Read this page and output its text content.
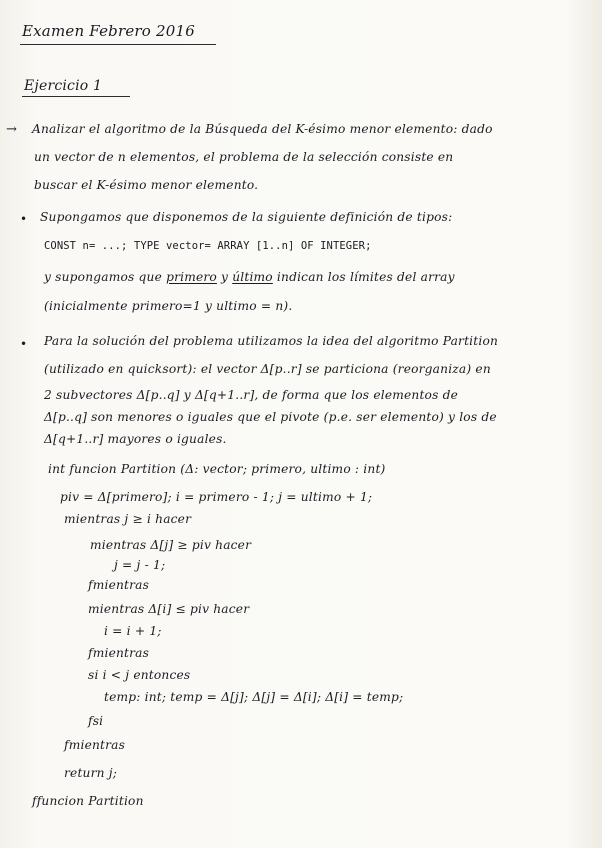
Examen Febrero 2016
Ejercicio 1
→ Analizar el algoritmo de la Búsqueda del K-ésimo menor elemento: dado
un vector de n elementos, el problema de la selección consiste en
buscar el K-ésimo menor elemento.
• Supongamos que disponemos de la siguiente definición de tipos:
CONST n= ...; TYPE vector= ARRAY [1..n] OF INTEGER;
y supongamos que primero y último indican los límites del array
(inicialmente primero=1 y ultimo = n).
• Para la solución del problema utilizamos la idea del algoritmo Partition
(utilizado en quicksort): el vector Δ[p..r] se particiona (reorganiza) en
2 subvectores Δ[p..q] y Δ[q+1..r], de forma que los elementos de
Δ[p..q] son menores o iguales que el pivote (p.e. ser elemento) y los de
Δ[q+1..r] mayores o iguales.
int funcion Partition (Δ: vector; primero, ultimo : int)
piv = Δ[primero]; i = primero - 1; j = ultimo + 1;
mientras j ≥ i hacer
mientras Δ[j] ≥ piv hacer
j = j - 1;
fmientras
mientras Δ[i] ≤ piv hacer
i = i + 1;
fmientras
si i < j entonces
temp: int; temp = Δ[j]; Δ[j] = Δ[i]; Δ[i] = temp;
fsi
fmientras
return j;
ffuncion Partition
